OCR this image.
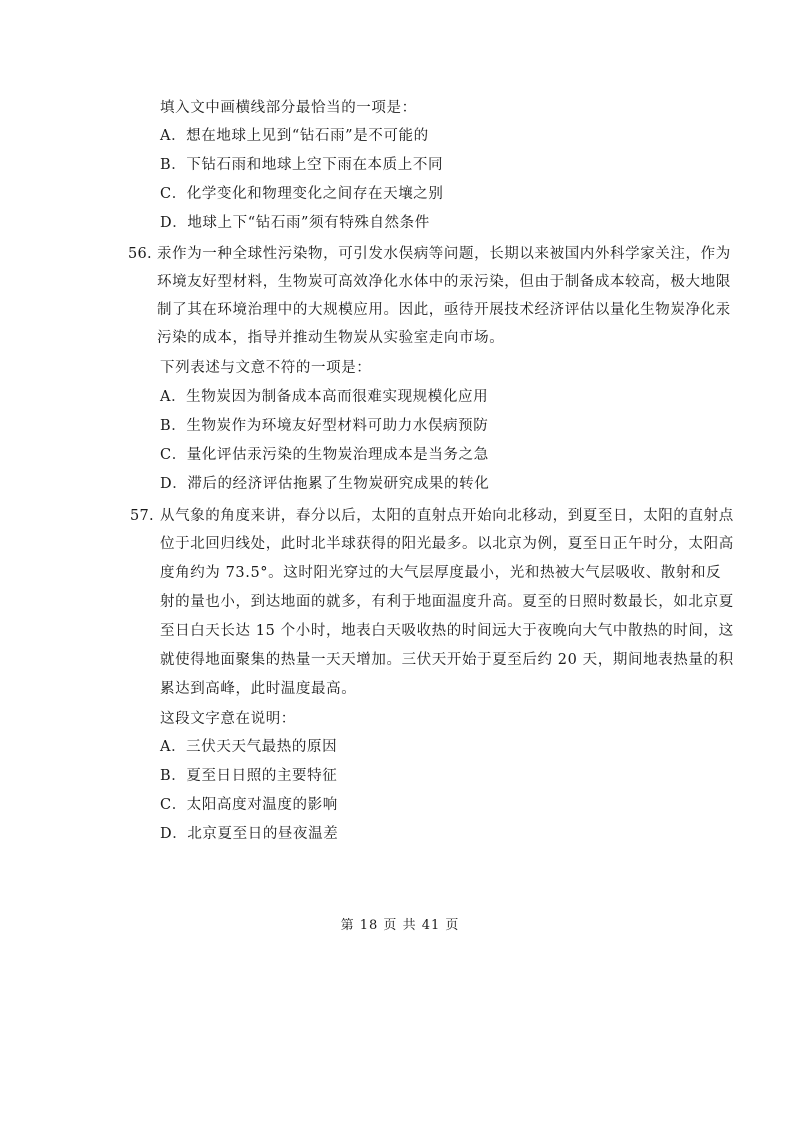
填入文中画横线部分最恰当的一项是：
A．想在地球上见到“钻石雨”是不可能的
B．下钻石雨和地球上空下雨在本质上不同
C．化学变化和物理变化之间存在天壤之别
D．地球上下“钻石雨”须有特殊自然条件
56. 汞作为一种全球性污染物，可引发水俣病等问题，长期以来被国内外科学家关注，作为
环境友好型材料，生物炭可高效净化水体中的汞污染，但由于制备成本较高，极大地限
制了其在环境治理中的大规模应用。因此，亟待开展技术经济评估以量化生物炭净化汞
污染的成本，指导并推动生物炭从实验室走向市场。
下列表述与文意不符的一项是：
A．生物炭因为制备成本高而很难实现规模化应用
B．生物炭作为环境友好型材料可助力水俣病预防
C．量化评估汞污染的生物炭治理成本是当务之急
D．滞后的经济评估拖累了生物炭研究成果的转化
57. 从气象的角度来讲，春分以后，太阳的直射点开始向北移动，到夏至日，太阳的直射点
位于北回归线处，此时北半球获得的阳光最多。以北京为例，夏至日正午时分，太阳高
度角约为 73.5°。这时阳光穿过的大气层厚度最小，光和热被大气层吸收、散射和反
射的量也小，到达地面的就多，有利于地面温度升高。夏至的日照时数最长，如北京夏
至日白天长达 15 个小时，地表白天吸收热的时间远大于夜晚向大气中散热的时间，这
就使得地面聚集的热量一天天增加。三伏天开始于夏至后约 20 天，期间地表热量的积
累达到高峰，此时温度最高。
这段文字意在说明：
A．三伏天天气最热的原因
B．夏至日日照的主要特征
C．太阳高度对温度的影响
D．北京夏至日的昼夜温差
第 18 页 共 41 页
